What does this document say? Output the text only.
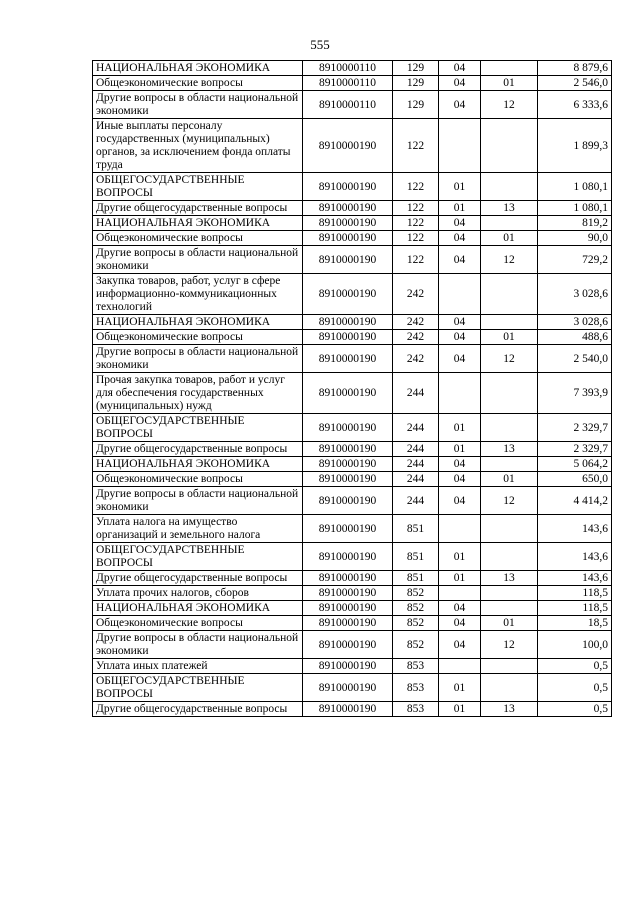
555
НАЦИОНАЛЬНАЯ ЭКОНОМИКА	8910000110	129	04		8 879,6
Общеэкономические вопросы	8910000110	129	04	01	2 546,0
Другие вопросы в области национальной экономики	8910000110	129	04	12	6 333,6
Иные выплаты персоналу государственных (муниципальных) органов, за исключением фонда оплаты труда	8910000190	122			1 899,3
ОБЩЕГОСУДАРСТВЕННЫЕ ВОПРОСЫ	8910000190	122	01		1 080,1
Другие общегосударственные вопросы	8910000190	122	01	13	1 080,1
НАЦИОНАЛЬНАЯ ЭКОНОМИКА	8910000190	122	04		819,2
Общеэкономические вопросы	8910000190	122	04	01	90,0
Другие вопросы в области национальной экономики	8910000190	122	04	12	729,2
Закупка товаров, работ, услуг в сфере информационно-коммуникационных технологий	8910000190	242			3 028,6
НАЦИОНАЛЬНАЯ ЭКОНОМИКА	8910000190	242	04		3 028,6
Общеэкономические вопросы	8910000190	242	04	01	488,6
Другие вопросы в области национальной экономики	8910000190	242	04	12	2 540,0
Прочая закупка товаров, работ и услуг для обеспечения государственных (муниципальных) нужд	8910000190	244			7 393,9
ОБЩЕГОСУДАРСТВЕННЫЕ ВОПРОСЫ	8910000190	244	01		2 329,7
Другие общегосударственные вопросы	8910000190	244	01	13	2 329,7
НАЦИОНАЛЬНАЯ ЭКОНОМИКА	8910000190	244	04		5 064,2
Общеэкономические вопросы	8910000190	244	04	01	650,0
Другие вопросы в области национальной экономики	8910000190	244	04	12	4 414,2
Уплата налога на имущество организаций и земельного налога	8910000190	851			143,6
ОБЩЕГОСУДАРСТВЕННЫЕ ВОПРОСЫ	8910000190	851	01		143,6
Другие общегосударственные вопросы	8910000190	851	01	13	143,6
Уплата прочих налогов, сборов	8910000190	852			118,5
НАЦИОНАЛЬНАЯ ЭКОНОМИКА	8910000190	852	04		118,5
Общеэкономические вопросы	8910000190	852	04	01	18,5
Другие вопросы в области национальной экономики	8910000190	852	04	12	100,0
Уплата иных платежей	8910000190	853			0,5
ОБЩЕГОСУДАРСТВЕННЫЕ ВОПРОСЫ	8910000190	853	01		0,5
Другие общегосударственные вопросы	8910000190	853	01	13	0,5
